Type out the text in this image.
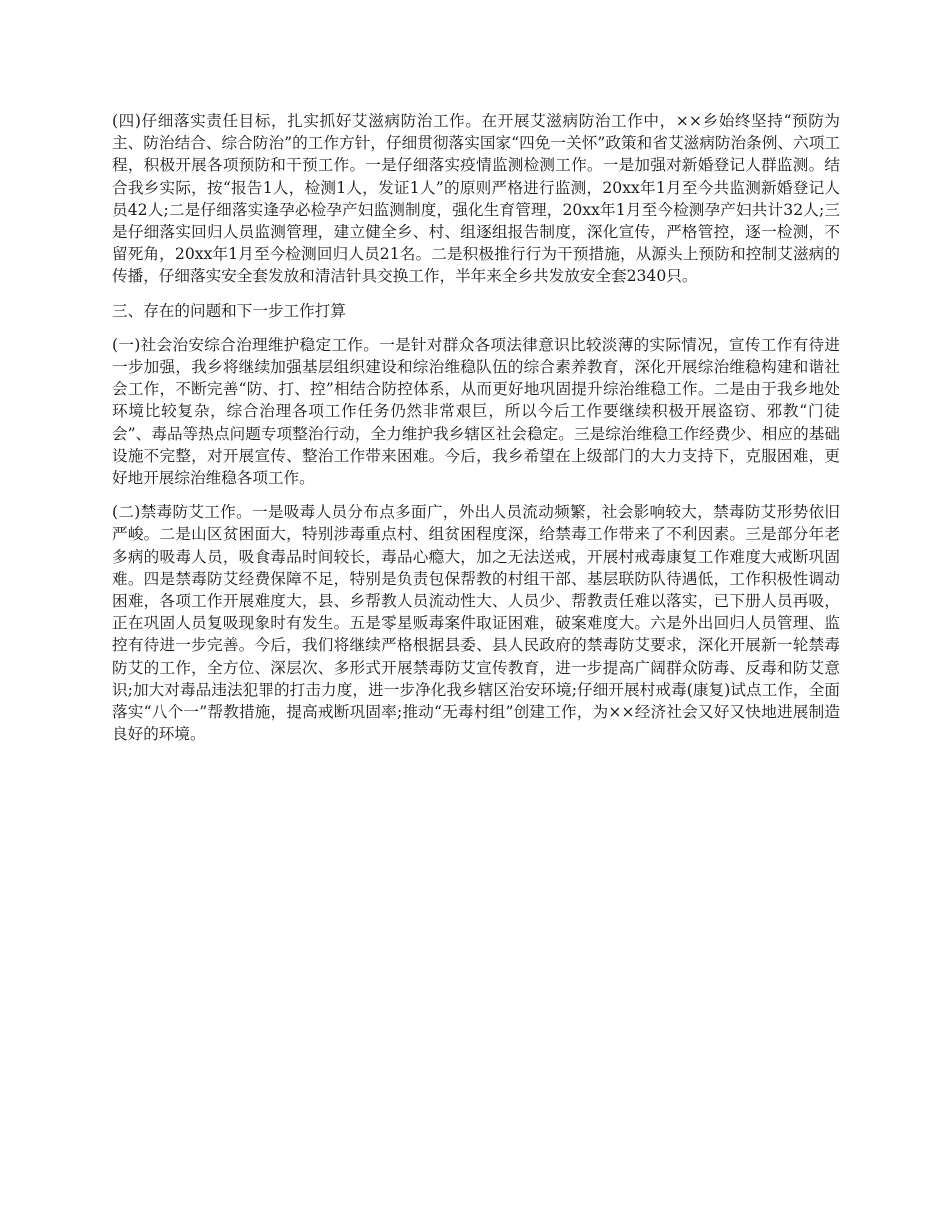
(四)仔细落实责任目标，扎实抓好艾滋病防治工作。在开展艾滋病防治工作中，××乡始终坚持“预防为主、防治结合、综合防治”的工作方针，仔细贯彻落实国家“四免一关怀”政策和省艾滋病防治条例、六项工程，积极开展各项预防和干预工作。一是仔细落实疫情监测检测工作。一是加强对新婚登记人群监测。结合我乡实际，按“报告1人，检测1人，发证1人”的原则严格进行监测，20xx年1月至今共监测新婚登记人员42人;二是仔细落实逢孕必检孕产妇监测制度，强化生育管理，20xx年1月至今检测孕产妇共计32人;三是仔细落实回归人员监测管理，建立健全乡、村、组逐组报告制度，深化宣传，严格管控，逐一检测，不留死角，20xx年1月至今检测回归人员21名。二是积极推行行为干预措施，从源头上预防和控制艾滋病的传播，仔细落实安全套发放和清洁针具交换工作，半年来全乡共发放安全套2340只。

三、存在的问题和下一步工作打算

(一)社会治安综合治理维护稳定工作。一是针对群众各项法律意识比较淡薄的实际情况，宣传工作有待进一步加强，我乡将继续加强基层组织建设和综治维稳队伍的综合素养教育，深化开展综治维稳构建和谐社会工作，不断完善“防、打、控”相结合防控体系，从而更好地巩固提升综治维稳工作。二是由于我乡地处环境比较复杂，综合治理各项工作任务仍然非常艰巨，所以今后工作要继续积极开展盗窃、邪教“门徒会”、毒品等热点问题专项整治行动，全力维护我乡辖区社会稳定。三是综治维稳工作经费少、相应的基础设施不完整，对开展宣传、整治工作带来困难。今后，我乡希望在上级部门的大力支持下，克服困难，更好地开展综治维稳各项工作。

(二)禁毒防艾工作。一是吸毒人员分布点多面广，外出人员流动频繁，社会影响较大，禁毒防艾形势依旧严峻。二是山区贫困面大，特别涉毒重点村、组贫困程度深，给禁毒工作带来了不利因素。三是部分年老多病的吸毒人员，吸食毒品时间较长，毒品心瘾大，加之无法送戒，开展村戒毒康复工作难度大戒断巩固难。四是禁毒防艾经费保障不足，特别是负责包保帮教的村组干部、基层联防队待遇低，工作积极性调动困难，各项工作开展难度大，县、乡帮教人员流动性大、人员少、帮教责任难以落实，已下册人员再吸，正在巩固人员复吸现象时有发生。五是零星贩毒案件取证困难，破案难度大。六是外出回归人员管理、监控有待进一步完善。今后，我们将继续严格根据县委、县人民政府的禁毒防艾要求，深化开展新一轮禁毒防艾的工作，全方位、深层次、多形式开展禁毒防艾宣传教育，进一步提高广阔群众防毒、反毒和防艾意识;加大对毒品违法犯罪的打击力度，进一步净化我乡辖区治安环境;仔细开展村戒毒(康复)试点工作，全面落实“八个一”帮教措施，提高戒断巩固率;推动“无毒村组”创建工作，为××经济社会又好又快地进展制造良好的环境。
